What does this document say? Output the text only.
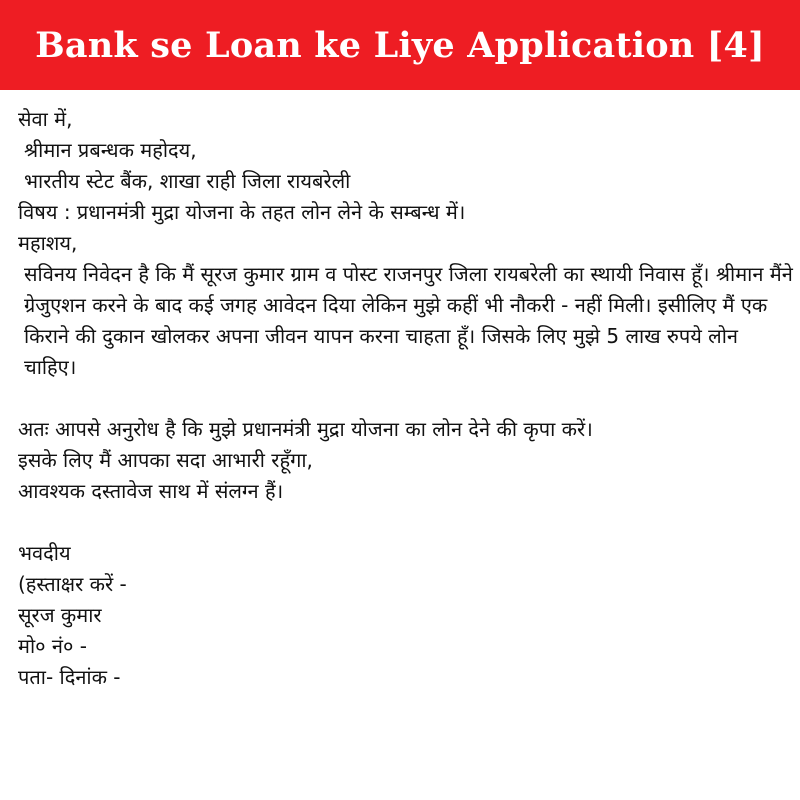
Bank se Loan ke Liye Application [4]
सेवा में,
श्रीमान प्रबन्धक महोदय,
भारतीय स्टेट बैंक, शाखा राही जिला रायबरेली
विषय : प्रधानमंत्री मुद्रा योजना के तहत लोन लेने के सम्बन्ध में।
महाशय,
सविनय निवेदन है कि मैं सूरज कुमार ग्राम व पोस्ट राजनपुर जिला रायबरेली का स्थायी निवास हूँ। श्रीमान मैंने ग्रेजुएशन करने के बाद कई जगह आवेदन दिया लेकिन मुझे कहीं भी नौकरी - नहीं मिली। इसीलिए मैं एक किराने की दुकान खोलकर अपना जीवन यापन करना चाहता हूँ। जिसके लिए मुझे 5 लाख रुपये लोन चाहिए।
अतः आपसे अनुरोध है कि मुझे प्रधानमंत्री मुद्रा योजना का लोन देने की कृपा करें।
इसके लिए मैं आपका सदा आभारी रहूँगा,
आवश्यक दस्तावेज साथ में संलग्न हैं।
भवदीय
(हस्ताक्षर करें -
सूरज कुमार
मो० नं० -
पता- दिनांक -
